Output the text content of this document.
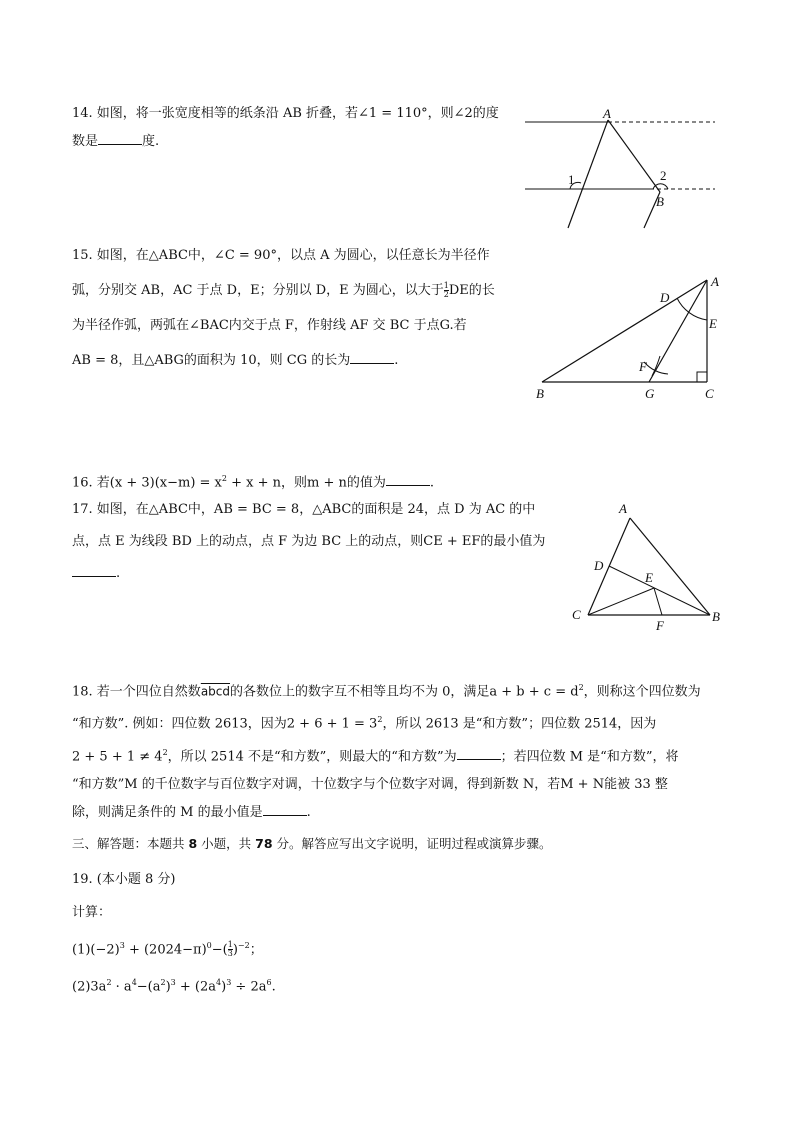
14. 如图，将一张宽度相等的纸条沿 AB 折叠，若∠1 = 110°，则∠2的度
数是	度.
A
B
1	2
15. 如图，在△ABC中，∠C = 90°，以点 A 为圆心，以任意长为半径作
弧，分别交 AB，AC 于点 D，E；分别以 D，E 为圆心，以大于 $\frac{1}{2}$ DE的长
为半径作弧，两弧在∠BAC内交于点 F，作射线 AF 交 BC 于点G.若
AB = 8，且△ABG的面积为 10，则 CG 的长为	.
A
B	C
D
E
F
G
16. 若$(x + 3)(x-m) = x^2 + x + n$，则m + n的值为	.
17. 如图，在△ABC中，AB = BC = 8，△ABC的面积是 24，点 D 为 AC 的中
点，点 E 为线段 BD 上的动点，点 F 为边 BC 上的动点，则CE + EF的最小值为
.
A
B
C
D
E
F
18. 若一个四位自然数abcd的各数位上的数字互不相等且均不为 0，满足$a + b + c = d^2$，则称这个四位数为
“和方数”. 例如：四位数 2613，因为$2 + 6 + 1 = 3^2$，所以 2613 是“和方数”；四位数 2514，因为
$2 + 5 + 1 \ne 4^2$，所以 2514 不是“和方数”，则最大的“和方数”为	；若四位数 M 是“和方数”，将
“和方数”M 的千位数字与百位数字对调，十位数字与个位数字对调，得到新数 N，若M + N能被 33 整
除，则满足条件的 M 的最小值是	.
三、解答题：本题共 8 小题，共 78 分。解答应写出文字说明，证明过程或演算步骤。
19. (本小题 8 分)
计算：
$(1)(-2)^3 + (2024-\pi)^0-( \frac{1}{3} )^{-2}$；
$(2)3a^2 \cdot a^4-(a^2)^3 + (2a^4)^3 \div 2a^6$.
